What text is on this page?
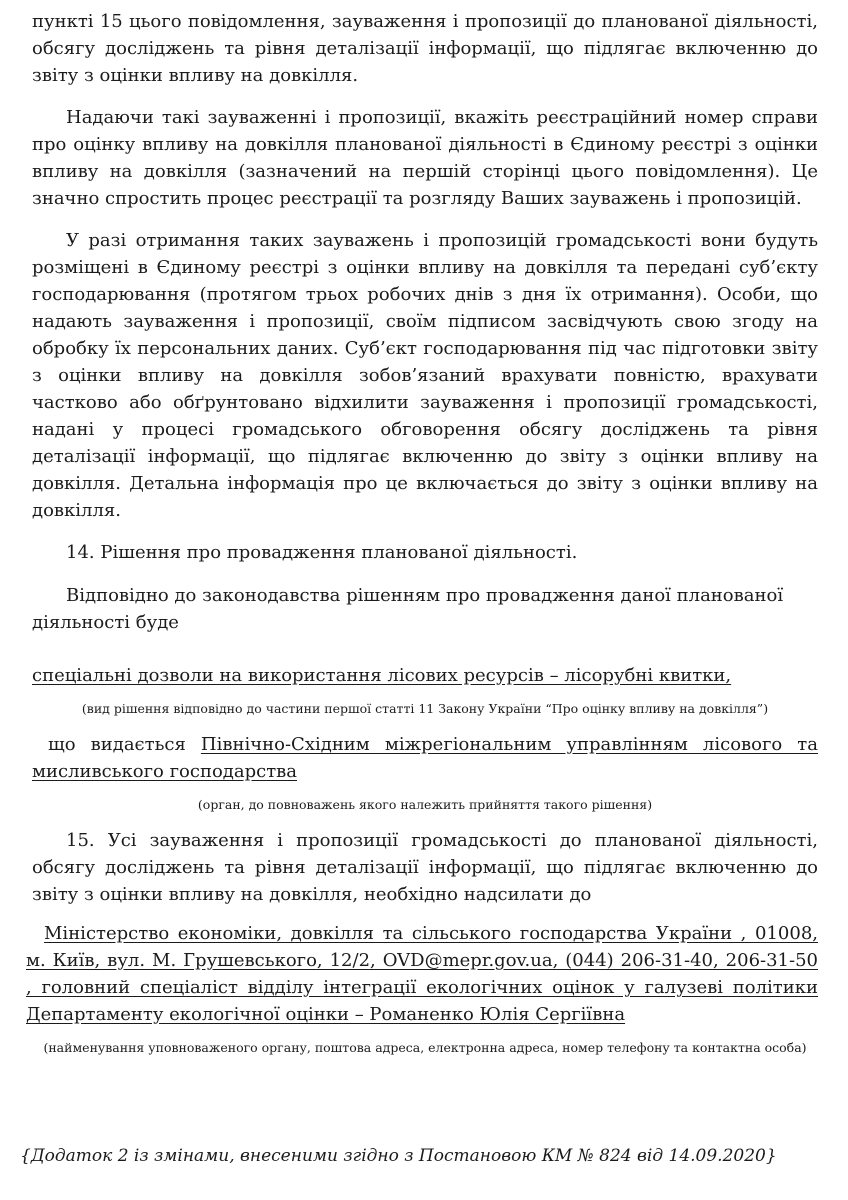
пункті 15 цього повідомлення, зауваження і пропозиції до планованої діяльності, обсягу досліджень та рівня деталізації інформації, що підлягає включенню до звіту з оцінки впливу на довкілля.

Надаючи такі зауваженні і пропозиції, вкажіть реєстраційний номер справи про оцінку впливу на довкілля планованої діяльності в Єдиному реєстрі з оцінки впливу на довкілля (зазначений на першій сторінці цього повідомлення). Це значно спростить процес реєстрації та розгляду Ваших зауважень і пропозицій.

У разі отримання таких зауважень і пропозицій громадськості вони будуть розміщені в Єдиному реєстрі з оцінки впливу на довкілля та передані суб’єкту господарювання (протягом трьох робочих днів з дня їх отримання). Особи, що надають зауваження і пропозиції, своїм підписом засвідчують свою згоду на обробку їх персональних даних. Суб’єкт господарювання під час підготовки звіту з оцінки впливу на довкілля зобов’язаний врахувати повністю, врахувати частково або обґрунтовано відхилити зауваження і пропозиції громадськості, надані у процесі громадського обговорення обсягу досліджень та рівня деталізації інформації, що підлягає включенню до звіту з оцінки впливу на довкілля. Детальна інформація про це включається до звіту з оцінки впливу на довкілля.

14. Рішення про провадження планованої діяльності.

Відповідно до законодавства рішенням про провадження даної планованої діяльності буде

спеціальні дозволи на використання лісових ресурсів – лісорубні квитки,

(вид рішення відповідно до частини першої статті 11 Закону України “Про оцінку впливу на довкілля”)

що видається Північно-Східним міжрегіональним управлінням лісового та мисливського господарства

(орган, до повноважень якого належить прийняття такого рішення)

15. Усі зауваження і пропозиції громадськості до планованої діяльності, обсягу досліджень та рівня деталізації інформації, що підлягає включенню до звіту з оцінки впливу на довкілля, необхідно надсилати до

Міністерство економіки, довкілля та сільського господарства України , 01008, м. Київ, вул. М. Грушевського, 12/2, OVD@mepr.gov.ua, (044) 206-31-40, 206-31-50 , головний спеціаліст відділу інтеграції екологічних оцінок у галузеві політики Департаменту екологічної оцінки – Романенко Юлія Сергіївна

(найменування уповноваженого органу, поштова адреса, електронна адреса, номер телефону та контактна особа)

{Додаток 2 із змінами, внесеними згідно з Постановою КМ № 824 від 14.09.2020}
